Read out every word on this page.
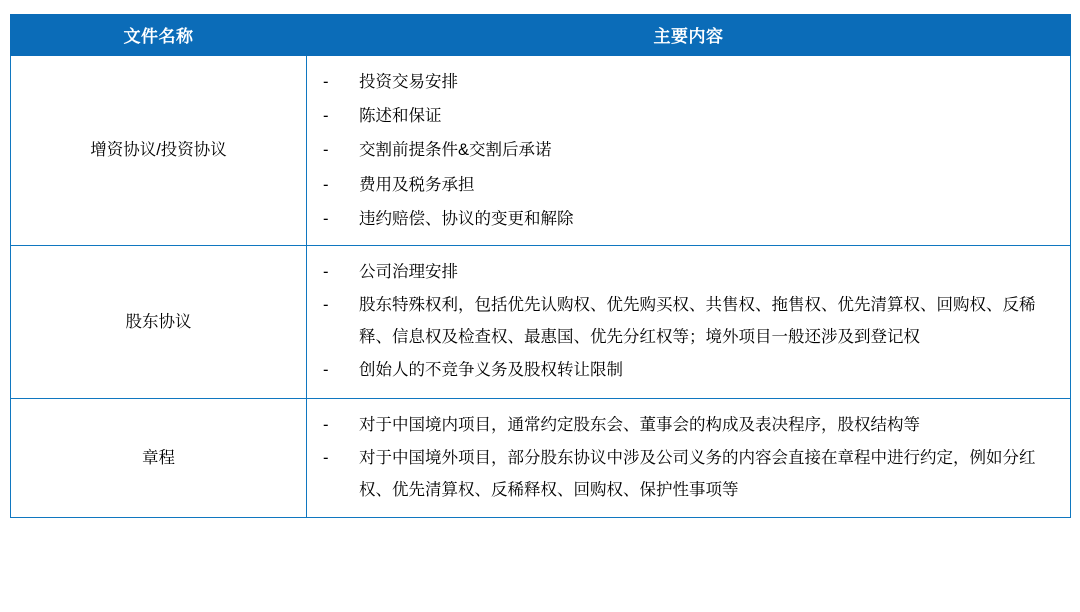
文件名称	主要内容
增资协议/投资协议	
- 投资交易安排
- 陈述和保证
- 交割前提条件&交割后承诺
- 费用及税务承担
- 违约赔偿、协议的变更和解除

股东协议	
- 公司治理安排
- 股东特殊权利，包括优先认购权、优先购买权、共售权、拖售权、优先清算权、回购权、反稀释、信息权及检查权、最惠国、优先分红权等；境外项目一般还涉及到登记权
- 创始人的不竞争义务及股权转让限制

章程	
- 对于中国境内项目，通常约定股东会、董事会的构成及表决程序，股权结构等
- 对于中国境外项目，部分股东协议中涉及公司义务的内容会直接在章程中进行约定，例如分红权、优先清算权、反稀释权、回购权、保护性事项等
